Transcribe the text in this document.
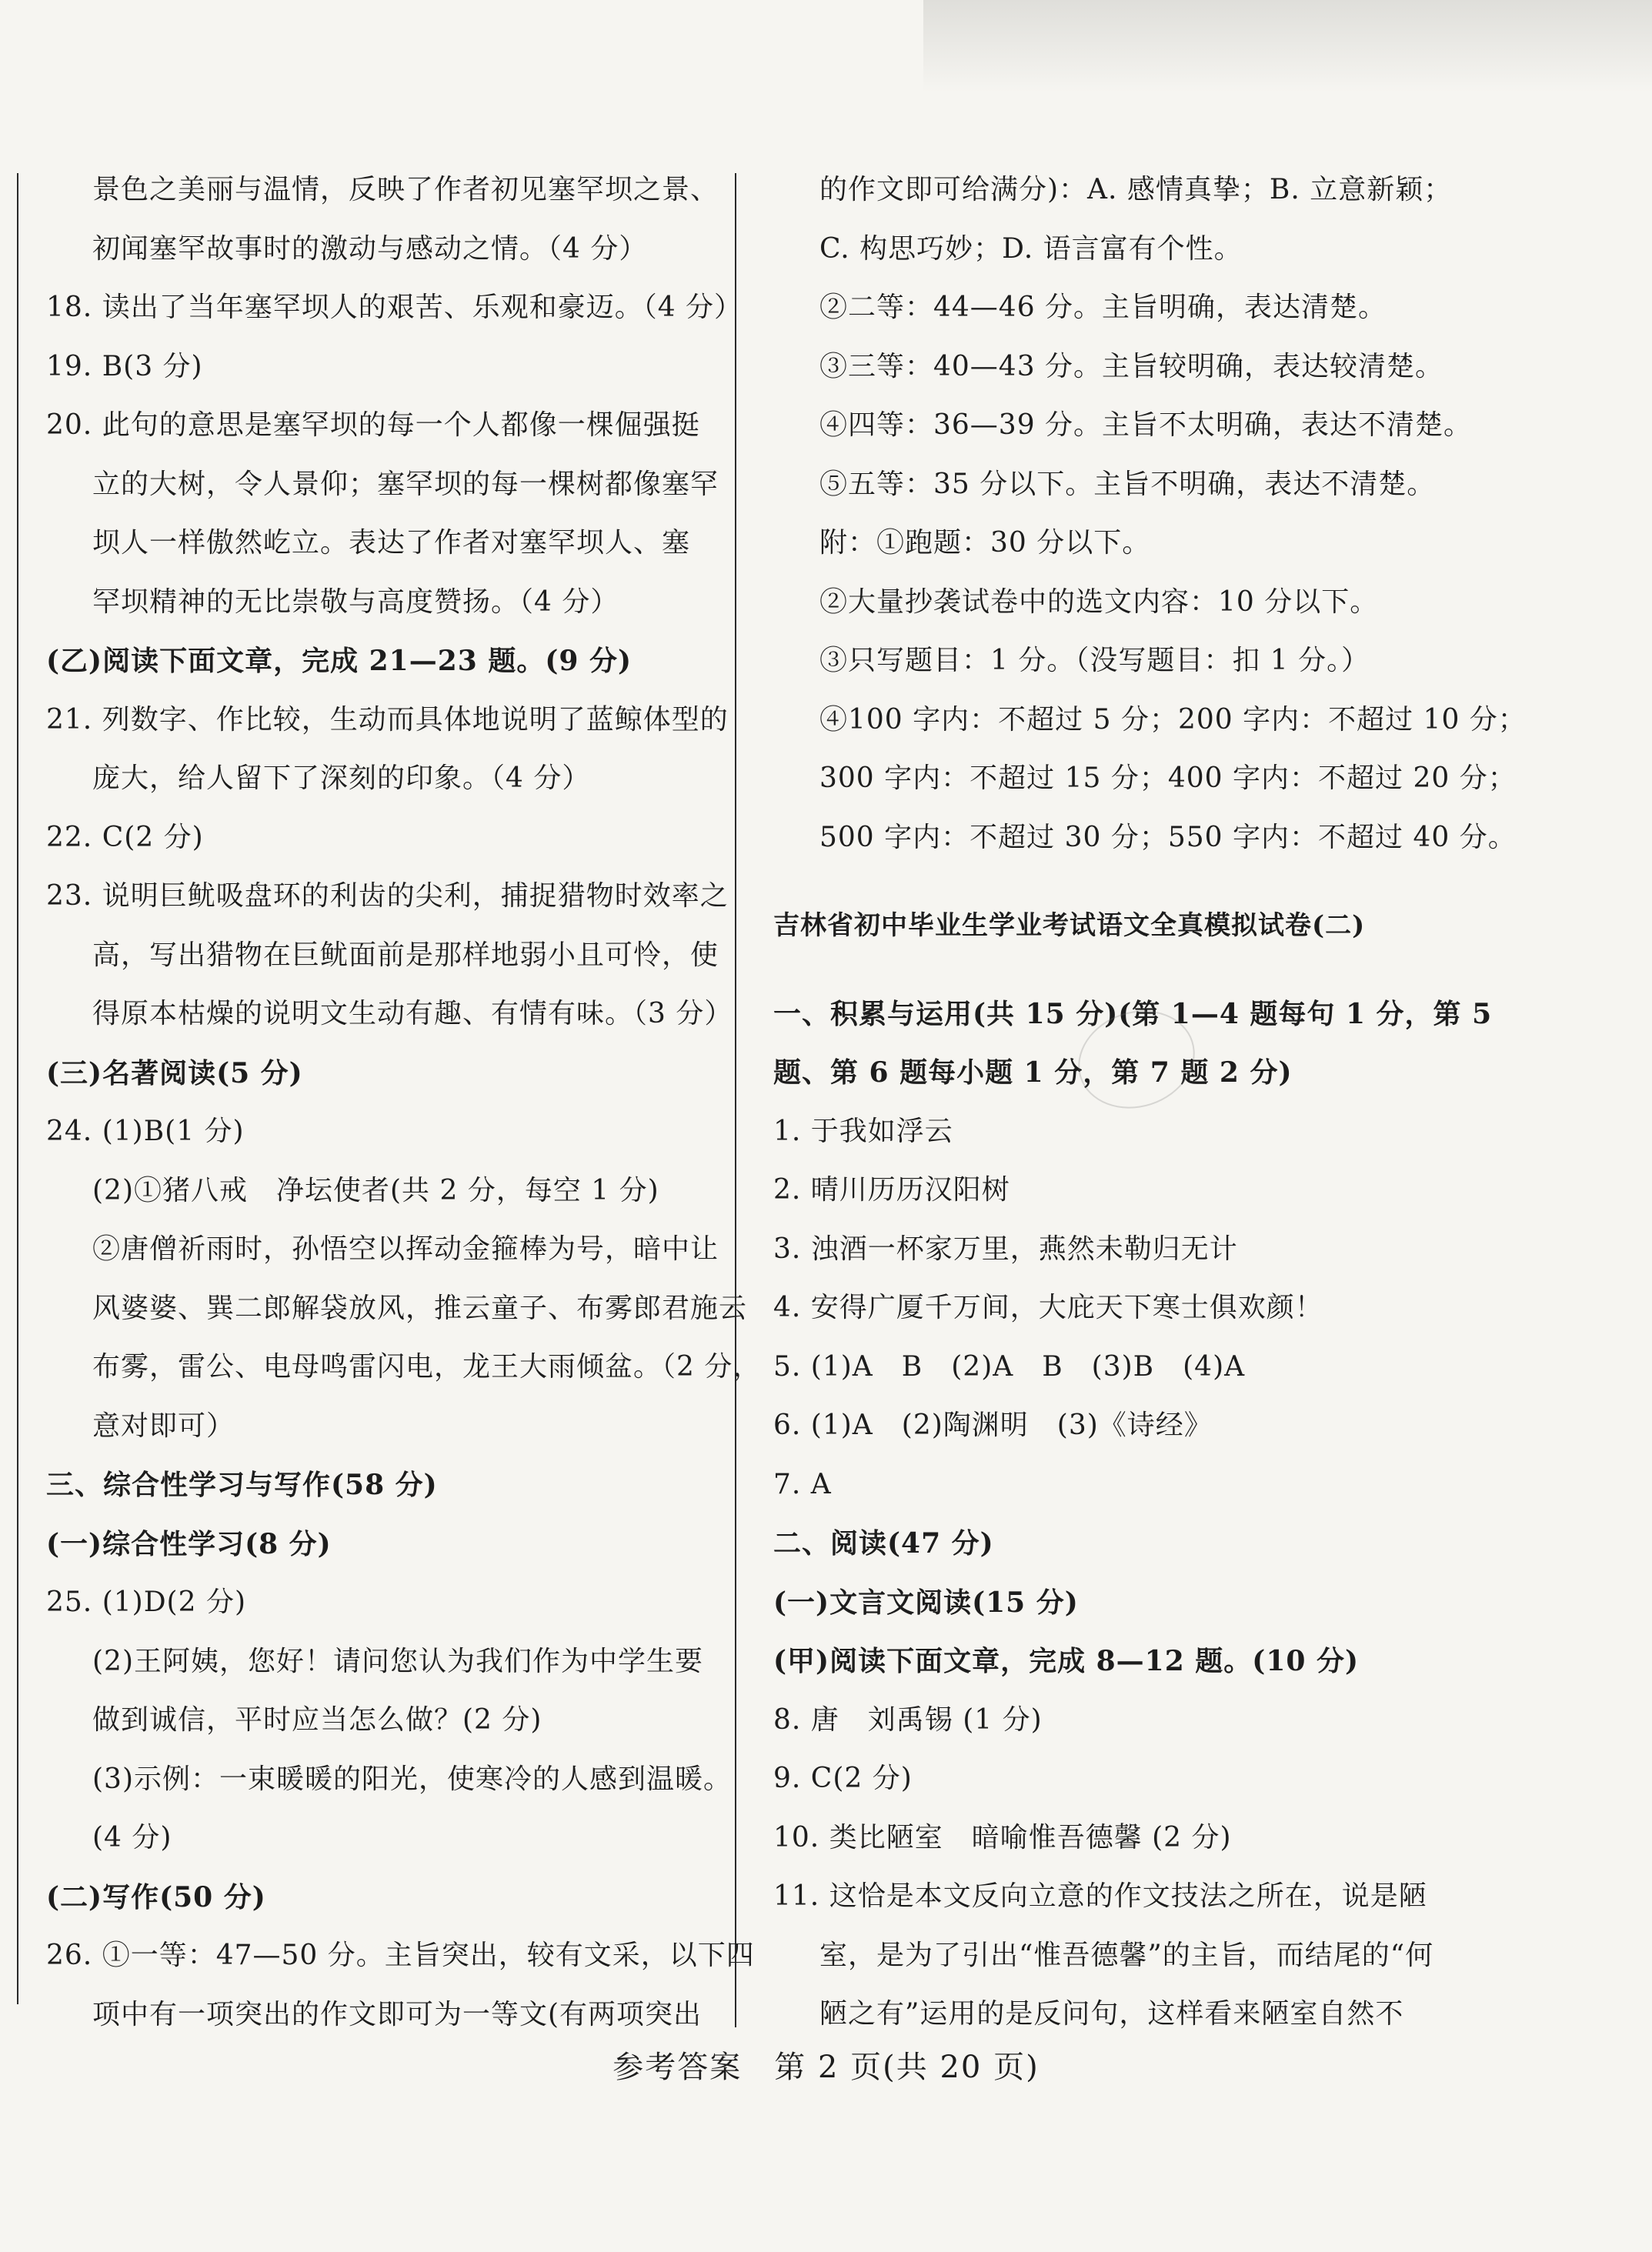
景色之美丽与温情，反映了作者初见塞罕坝之景、
初闻塞罕故事时的激动与感动之情。（4 分）
18. 读出了当年塞罕坝人的艰苦、乐观和豪迈。（4 分）
19. B(3 分)
20. 此句的意思是塞罕坝的每一个人都像一棵倔强挺
立的大树，令人景仰；塞罕坝的每一棵树都像塞罕
坝人一样傲然屹立。表达了作者对塞罕坝人、塞
罕坝精神的无比崇敬与高度赞扬。（4 分）
(乙)阅读下面文章，完成 21—23 题。(9 分)
21. 列数字、作比较，生动而具体地说明了蓝鲸体型的
庞大，给人留下了深刻的印象。（4 分）
22. C(2 分)
23. 说明巨鱿吸盘环的利齿的尖利，捕捉猎物时效率之
高，写出猎物在巨鱿面前是那样地弱小且可怜，使
得原本枯燥的说明文生动有趣、有情有味。（3 分）
(三)名著阅读(5 分)
24. (1)B(1 分)
(2)①猪八戒　净坛使者(共 2 分，每空 1 分)
②唐僧祈雨时，孙悟空以挥动金箍棒为号，暗中让
风婆婆、巽二郎解袋放风，推云童子、布雾郎君施云
布雾，雷公、电母鸣雷闪电，龙王大雨倾盆。（2 分，
意对即可）
三、综合性学习与写作(58 分)
(一)综合性学习(8 分)
25. (1)D(2 分)
(2)王阿姨，您好！请问您认为我们作为中学生要
做到诚信，平时应当怎么做？(2 分)
(3)示例：一束暖暖的阳光，使寒冷的人感到温暖。
(4 分)
(二)写作(50 分)
26. ①一等：47—50 分。主旨突出，较有文采，以下四
项中有一项突出的作文即可为一等文(有两项突出
的作文即可给满分)：A. 感情真挚；B. 立意新颖；
C. 构思巧妙；D. 语言富有个性。
②二等：44—46 分。主旨明确，表达清楚。
③三等：40—43 分。主旨较明确，表达较清楚。
④四等：36—39 分。主旨不太明确，表达不清楚。
⑤五等：35 分以下。主旨不明确，表达不清楚。
附：①跑题：30 分以下。
②大量抄袭试卷中的选文内容：10 分以下。
③只写题目：1 分。（没写题目：扣 1 分。）
④100 字内：不超过 5 分；200 字内：不超过 10 分；
300 字内：不超过 15 分；400 字内：不超过 20 分；
500 字内：不超过 30 分；550 字内：不超过 40 分。
吉林省初中毕业生学业考试语文全真模拟试卷(二)
一、积累与运用(共 15 分)(第 1—4 题每句 1 分，第 5
题、第 6 题每小题 1 分，第 7 题 2 分)
1. 于我如浮云
2. 晴川历历汉阳树
3. 浊酒一杯家万里，燕然未勒归无计
4. 安得广厦千万间，大庇天下寒士俱欢颜！
5. (1)A　B　(2)A　B　(3)B　(4)A
6. (1)A　(2)陶渊明　(3)《诗经》
7. A
二、阅读(47 分)
(一)文言文阅读(15 分)
(甲)阅读下面文章，完成 8—12 题。(10 分)
8. 唐　刘禹锡 (1 分)
9. C(2 分)
10. 类比陋室　暗喻惟吾德馨 (2 分)
11. 这恰是本文反向立意的作文技法之所在，说是陋
室，是为了引出“惟吾德馨”的主旨，而结尾的“何
陋之有”运用的是反问句，这样看来陋室自然不
参考答案　第 2 页(共 20 页)
